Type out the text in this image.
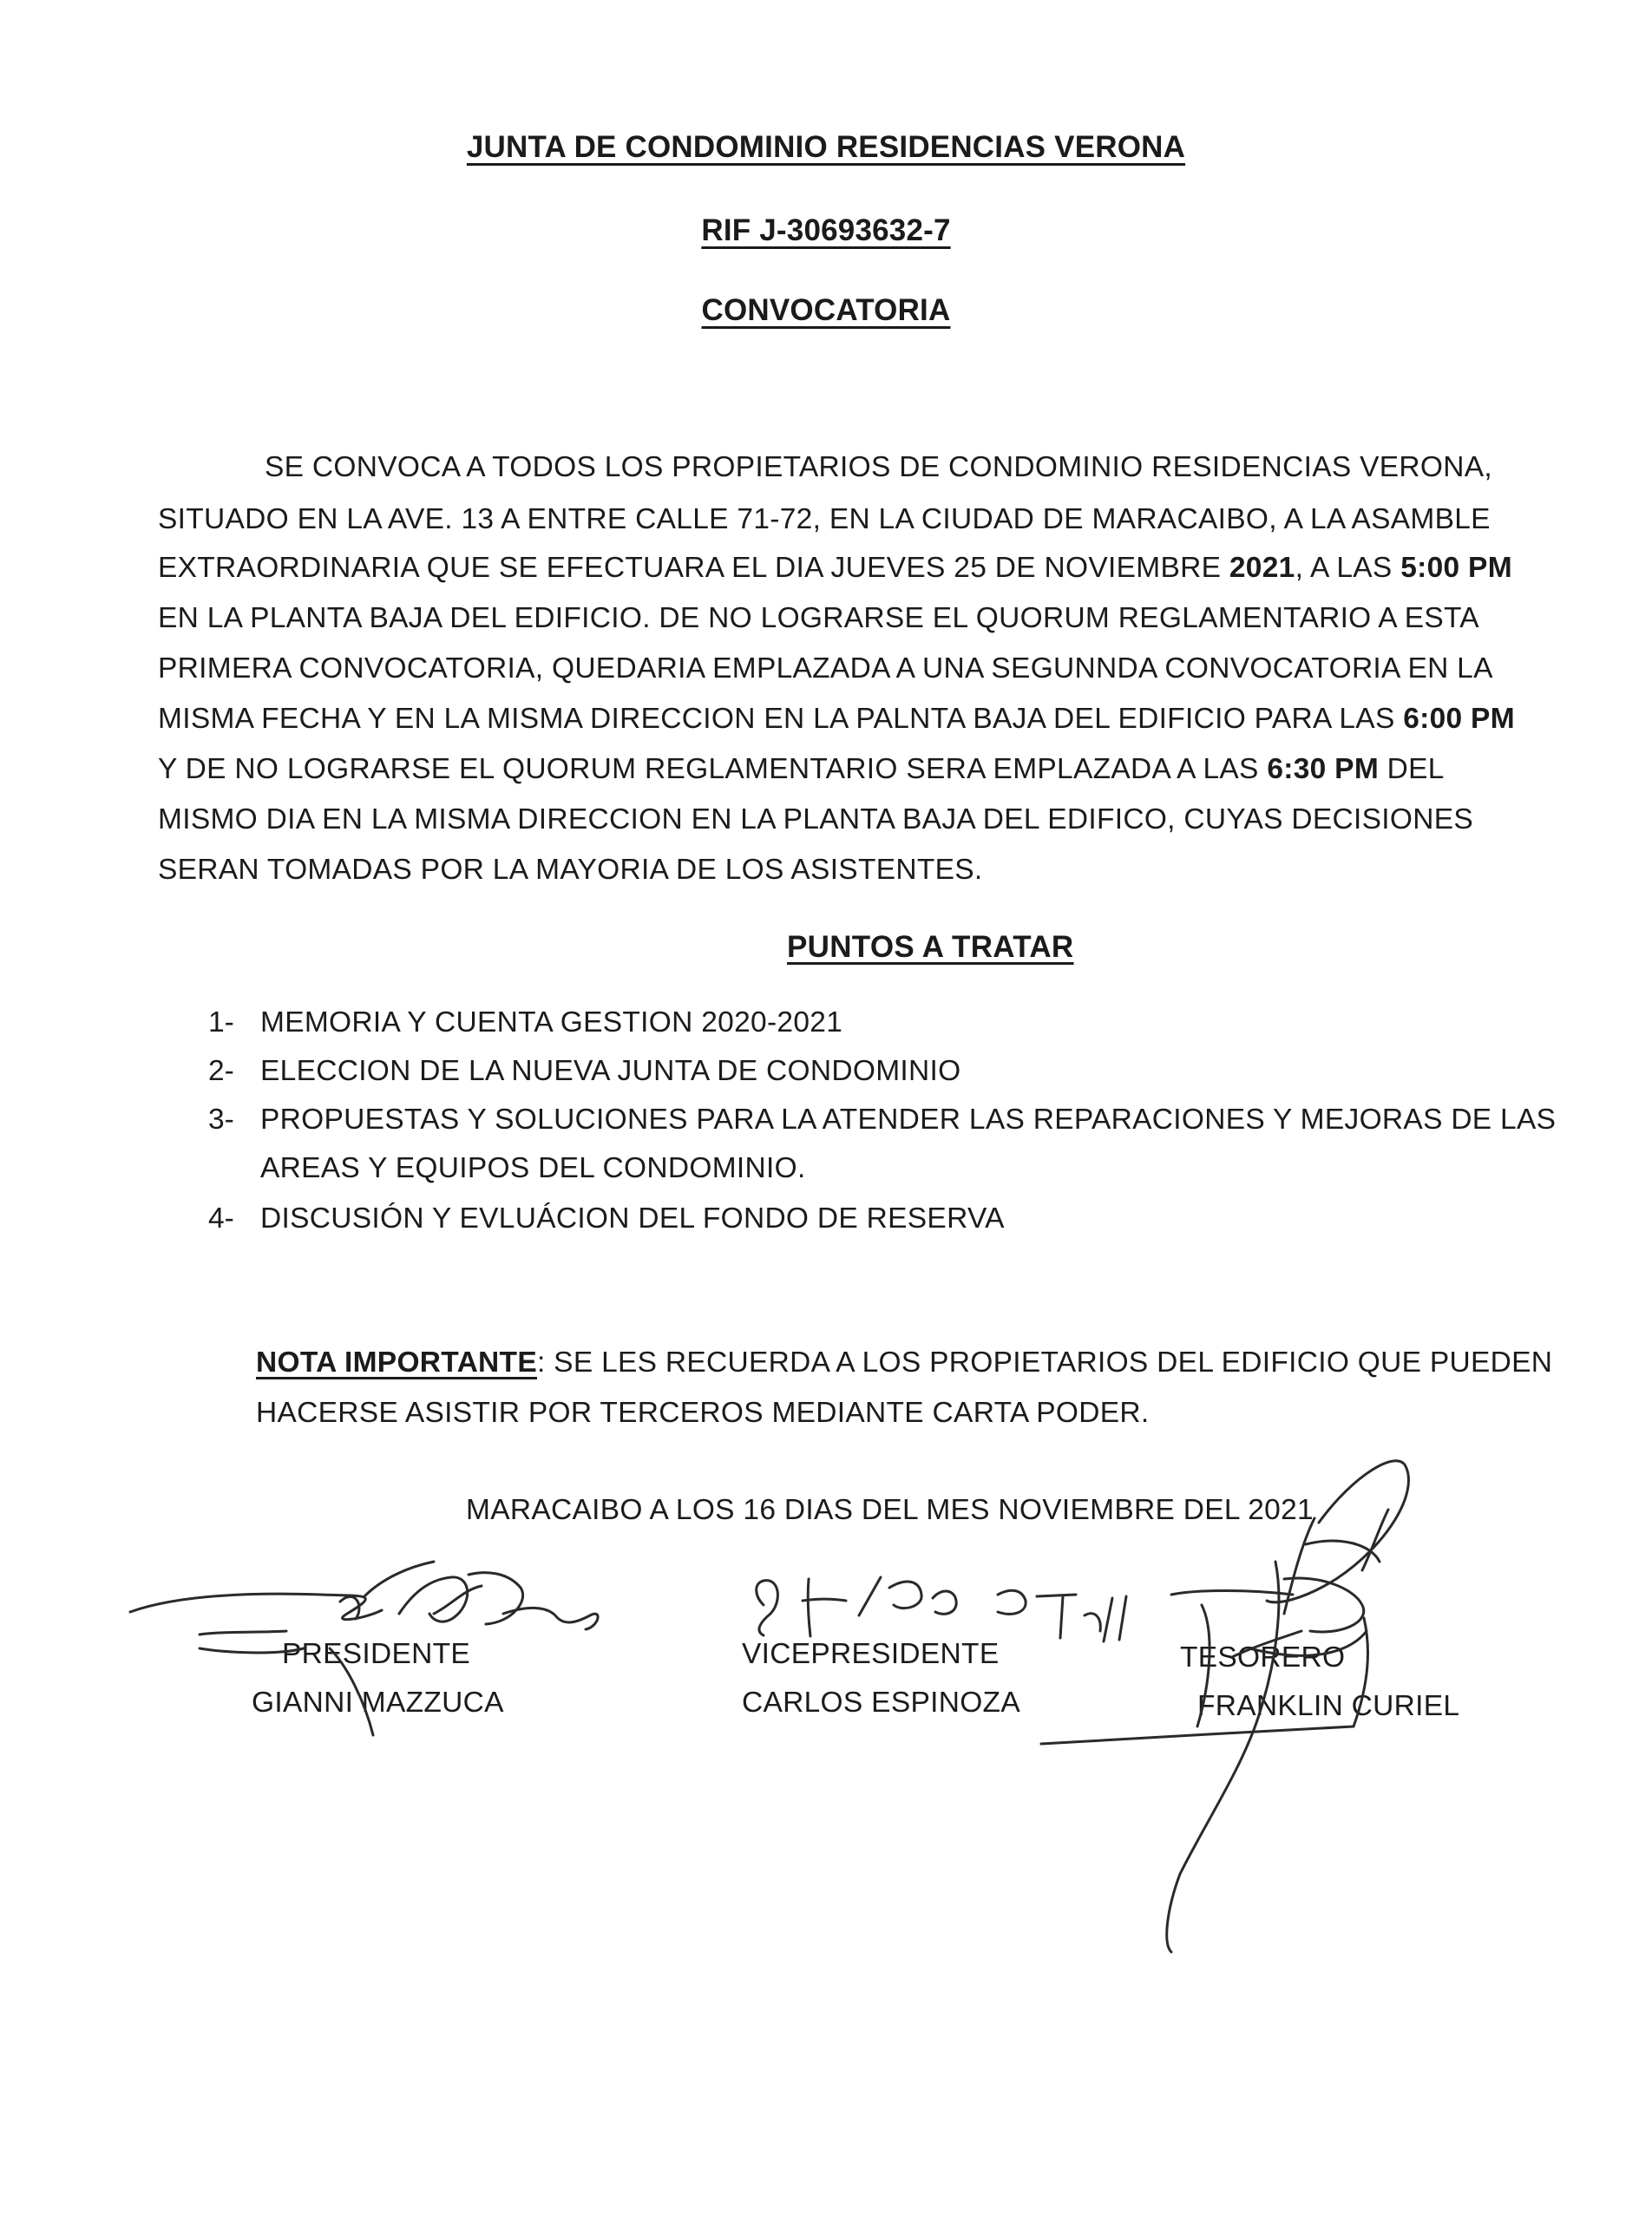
JUNTA DE CONDOMINIO RESIDENCIAS VERONA
RIF J-30693632-7
CONVOCATORIA
SE CONVOCA A TODOS LOS PROPIETARIOS DE CONDOMINIO RESIDENCIAS VERONA,
SITUADO EN LA AVE. 13 A ENTRE CALLE 71-72, EN LA CIUDAD DE MARACAIBO, A LA ASAMBLE
EXTRAORDINARIA QUE SE EFECTUARA EL DIA JUEVES 25 DE NOVIEMBRE 2021, A LAS 5:00 PM
EN LA PLANTA BAJA DEL EDIFICIO. DE NO LOGRARSE EL QUORUM REGLAMENTARIO A ESTA
PRIMERA CONVOCATORIA, QUEDARIA EMPLAZADA A UNA SEGUNNDA CONVOCATORIA EN LA
MISMA FECHA Y EN LA MISMA DIRECCION EN LA PALNTA BAJA DEL EDIFICIO PARA LAS 6:00 PM
Y DE NO LOGRARSE EL QUORUM REGLAMENTARIO SERA EMPLAZADA A LAS 6:30 PM DEL
MISMO DIA EN LA MISMA DIRECCION EN LA PLANTA BAJA DEL EDIFICO, CUYAS DECISIONES
SERAN TOMADAS POR LA MAYORIA DE LOS ASISTENTES.
PUNTOS A TRATAR
1- MEMORIA Y CUENTA GESTION 2020-2021
2- ELECCION DE LA NUEVA JUNTA DE CONDOMINIO
3- PROPUESTAS Y SOLUCIONES PARA LA ATENDER LAS REPARACIONES Y MEJORAS DE LAS
AREAS Y EQUIPOS DEL CONDOMINIO.
4- DISCUSIÓN Y EVLUÁCION DEL FONDO DE RESERVA
NOTA IMPORTANTE: SE LES RECUERDA A LOS PROPIETARIOS DEL EDIFICIO QUE PUEDEN
HACERSE ASISTIR POR TERCEROS MEDIANTE CARTA PODER.
MARACAIBO A LOS 16 DIAS DEL MES NOVIEMBRE DEL 2021
PRESIDENTE
GIANNI MAZZUCA
VICEPRESIDENTE
CARLOS ESPINOZA
TESORERO
FRANKLIN CURIEL
